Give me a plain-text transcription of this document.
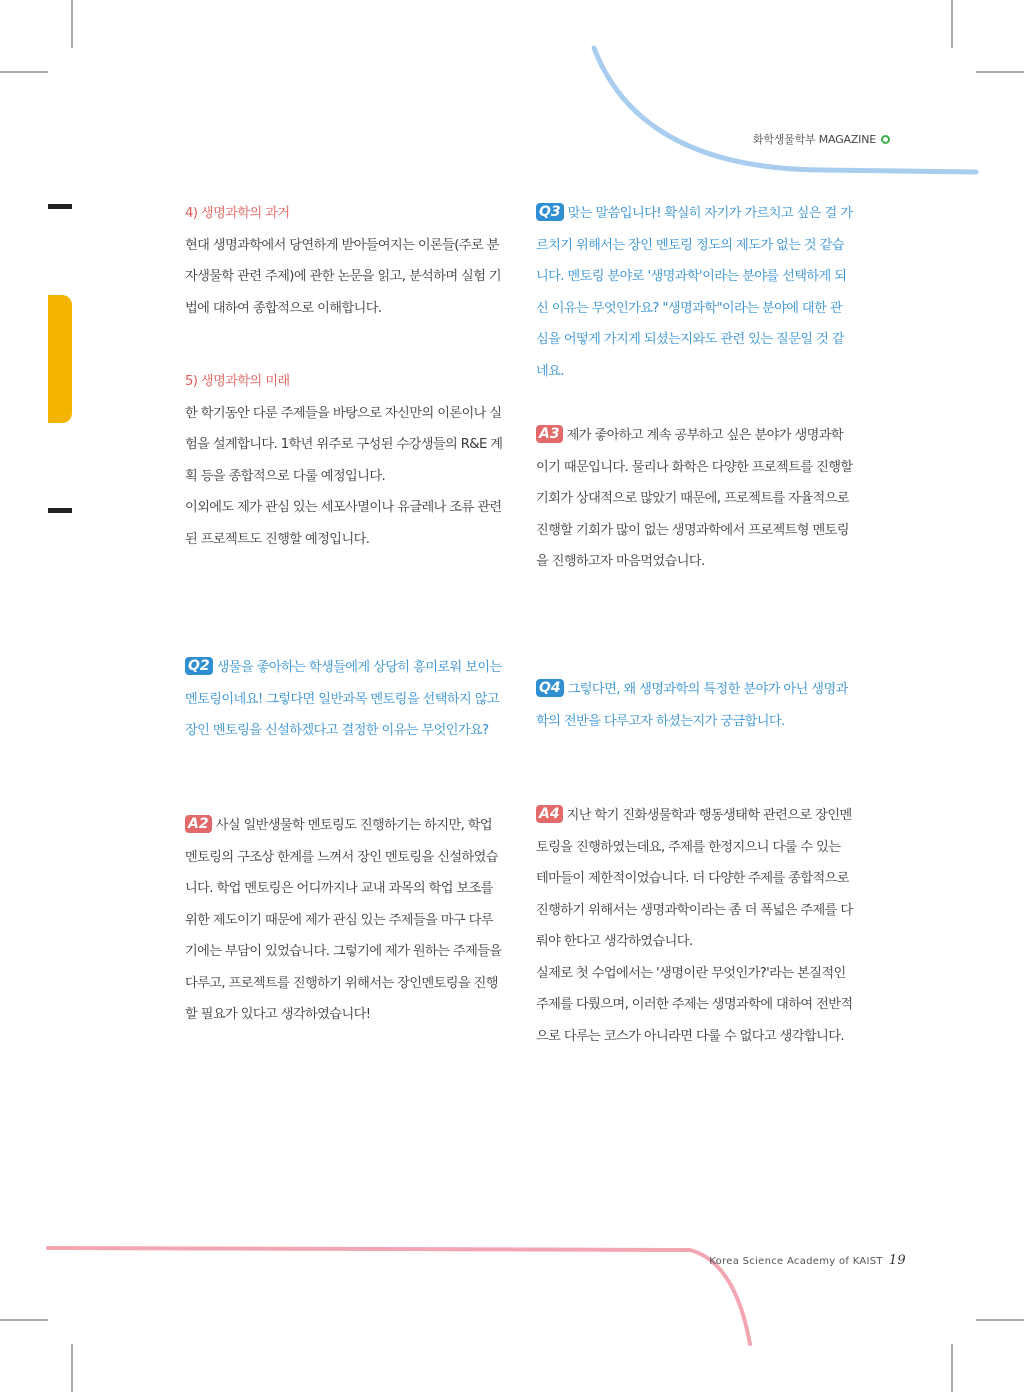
화학생물학부 MAGAZINE

4) 생명과학의 과거

현대 생명과학에서 당연하게 받아들여지는 이론들(주로 분자생물학 관련 주제)에 관한 논문을 읽고, 분석하며 실험 기법에 대하여 종합적으로 이해합니다.

5) 생명과학의 미래

한 학기동안 다룬 주제들을 바탕으로 자신만의 이론이나 실험을 설계합니다. 1학년 위주로 구성된 수강생들의 R&E 계획 등을 종합적으로 다룰 예정입니다.

이외에도 제가 관심 있는 세포사멸이나 유글레나 조류 관련된 프로젝트도 진행할 예정입니다.

Q2 생물을 좋아하는 학생들에게 상당히 흥미로워 보이는 멘토링이네요! 그렇다면 일반과목 멘토링을 선택하지 않고 장인 멘토링을 신설하겠다고 결정한 이유는 무엇인가요?

A2 사실 일반생물학 멘토링도 진행하기는 하지만, 학업 멘토링의 구조상 한계를 느껴서 장인 멘토링을 신설하였습니다. 학업 멘토링은 어디까지나 교내 과목의 학업 보조를 위한 제도이기 때문에 제가 관심 있는 주제들을 마구 다루기에는 부담이 있었습니다. 그렇기에 제가 원하는 주제들을 다루고, 프로젝트를 진행하기 위해서는 장인멘토링을 진행할 필요가 있다고 생각하였습니다!

Q3 맞는 말씀입니다! 확실히 자기가 가르치고 싶은 걸 가르치기 위해서는 장인 멘토링 정도의 제도가 없는 것 같습니다. 멘토링 분야로 '생명과학'이라는 분야를 선택하게 되신 이유는 무엇인가요? "생명과학"이라는 분야에 대한 관심을 어떻게 가지게 되셨는지와도 관련 있는 질문일 것 같네요.

A3 제가 좋아하고 계속 공부하고 싶은 분야가 생명과학이기 때문입니다. 물리나 화학은 다양한 프로젝트를 진행할 기회가 상대적으로 많았기 때문에, 프로젝트를 자율적으로 진행할 기회가 많이 없는 생명과학에서 프로젝트형 멘토링을 진행하고자 마음먹었습니다.

Q4 그렇다면, 왜 생명과학의 특정한 분야가 아닌 생명과학의 전반을 다루고자 하셨는지가 궁금합니다.

A4 지난 학기 진화생물학과 행동생태학 관련으로 장인멘토링을 진행하였는데요, 주제를 한정지으니 다룰 수 있는 테마들이 제한적이었습니다. 더 다양한 주제를 종합적으로 진행하기 위해서는 생명과학이라는 좀 더 폭넓은 주제를 다뤄야 한다고 생각하였습니다.

실제로 첫 수업에서는 '생명이란 무엇인가?'라는 본질적인 주제를 다뤘으며, 이러한 주제는 생명과학에 대하여 전반적으로 다루는 코스가 아니라면 다룰 수 없다고 생각합니다.

Korea Science Academy of KAIST 19
